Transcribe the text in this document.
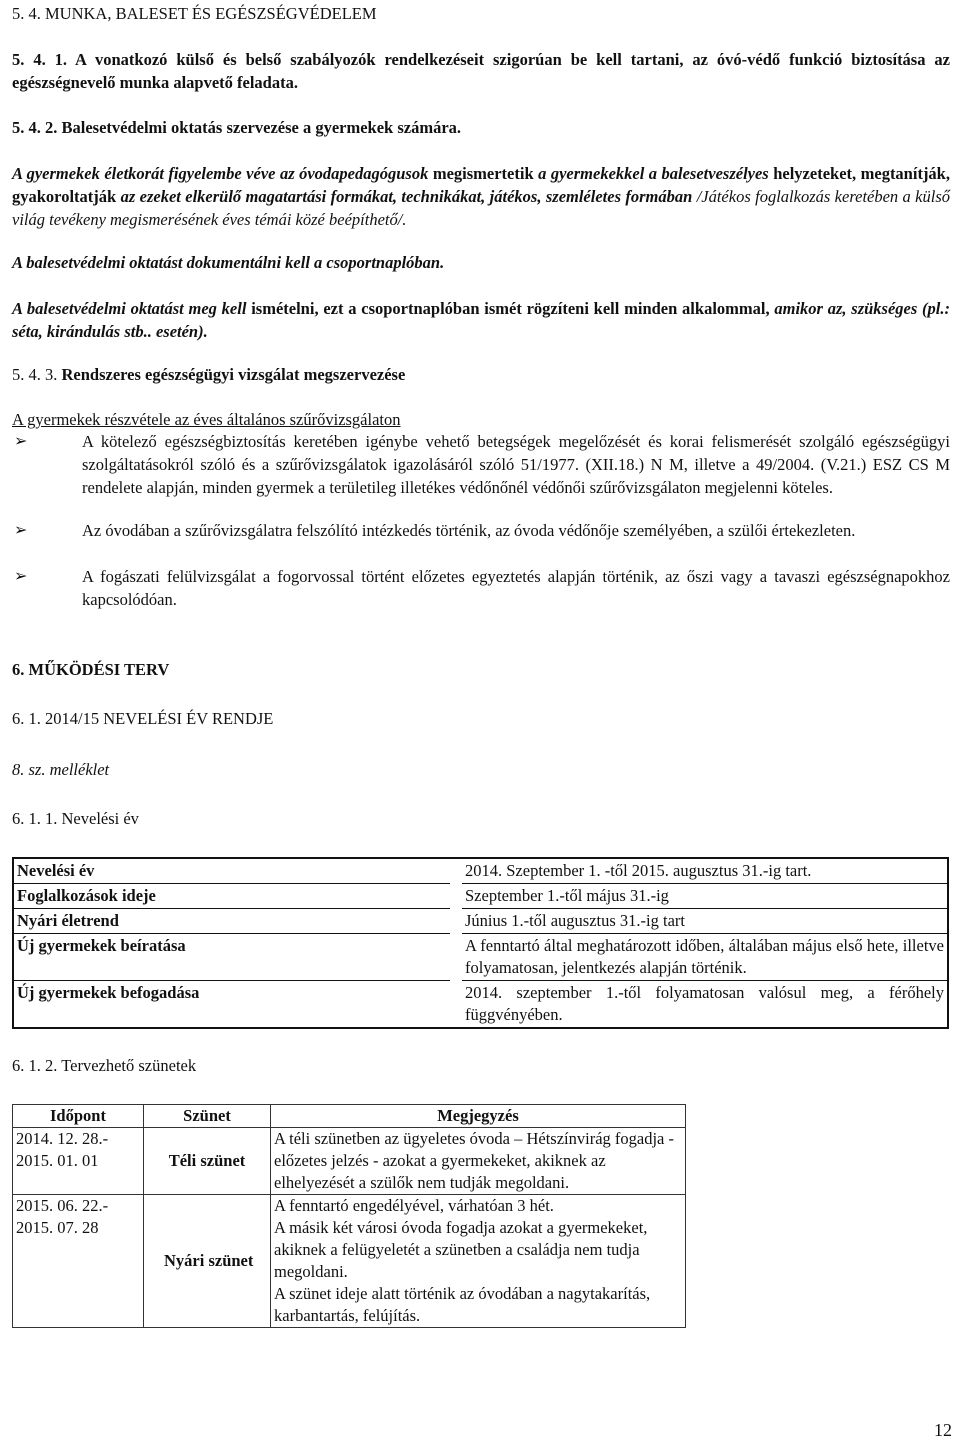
5. 4. MUNKA, BALESET ÉS EGÉSZSÉGVÉDELEM
5. 4. 1. A vonatkozó külső és belső szabályozók rendelkezéseit szigorúan be kell tartani, az óvó-védő funkció biztosítása az egészségnevelő munka alapvető feladata.
5. 4. 2. Balesetvédelmi oktatás szervezése a gyermekek számára.
A gyermekek életkorát figyelembe véve az óvodapedagógusok megismertetik a gyermekekkel a balesetveszélyes helyzeteket, megtanítják, gyakoroltatják az ezeket elkerülő magatartási formákat, technikákat, játékos, szemléletes formában /Játékos foglalkozás keretében a külső világ tevékeny megismerésének éves témái közé beépíthető/.
A balesetvédelmi oktatást dokumentálni kell a csoportnaplóban.
A balesetvédelmi oktatást meg kell ismételni, ezt a csoportnaplóban ismét rögzíteni kell minden alkalommal, amikor az, szükséges (pl.: séta, kirándulás stb.. esetén).
5. 4. 3. Rendszeres egészségügyi vizsgálat megszervezése
A gyermekek részvétele az éves általános szűrővizsgálaton
➢	A kötelező egészségbiztosítás keretében igénybe vehető betegségek megelőzését és korai felismerését szolgáló egészségügyi szolgáltatásokról szóló és a szűrővizsgálatok igazolásáról szóló 51/1977. (XII.18.) N M, illetve a 49/2004. (V.21.) ESZ CS M rendelete alapján, minden gyermek a területileg illetékes védőnőnél védőnői szűrővizsgálaton megjelenni köteles.
➢	Az óvodában a szűrővizsgálatra felszólító intézkedés történik, az óvoda védőnője személyében, a szülői értekezleten.
➢	A fogászati felülvizsgálat a fogorvossal történt előzetes egyeztetés alapján történik, az őszi vagy a tavaszi egészségnapokhoz kapcsolódóan.
6. MŰKÖDÉSI TERV
6. 1. 2014/15 NEVELÉSI ÉV RENDJE
8. sz. melléklet
6. 1. 1. Nevelési év
Nevelési év		2014. Szeptember 1. -től 2015. augusztus 31.-ig tart.
Foglalkozások ideje		Szeptember 1.-től május 31.-ig
Nyári életrend		Június 1.-től augusztus 31.-ig tart
Új gyermekek beíratása		A fenntartó által meghatározott időben, általában május első hete, illetve folyamatosan, jelentkezés alapján történik.
Új gyermekek befogadása		2014. szeptember 1.-től folyamatosan valósul meg, a férőhely függvényében.
6. 1. 2. Tervezhető szünetek
Időpont	Szünet	Megjegyzés
2014. 12. 28.- 2015. 01. 01	Téli szünet	A téli szünetben az ügyeletes óvoda – Hétszínvirág fogadja - előzetes jelzés - azokat a gyermekeket, akiknek az elhelyezését a szülők nem tudják megoldani.
2015. 06. 22.- 2015. 07. 28	Nyári szünet	A fenntartó engedélyével, várhatóan 3 hét.
A másik két városi óvoda fogadja azokat a gyermekeket, akiknek a felügyeletét a szünetben a családja nem tudja megoldani.
A szünet ideje alatt történik az óvodában a nagytakarítás, karbantartás, felújítás.
12
